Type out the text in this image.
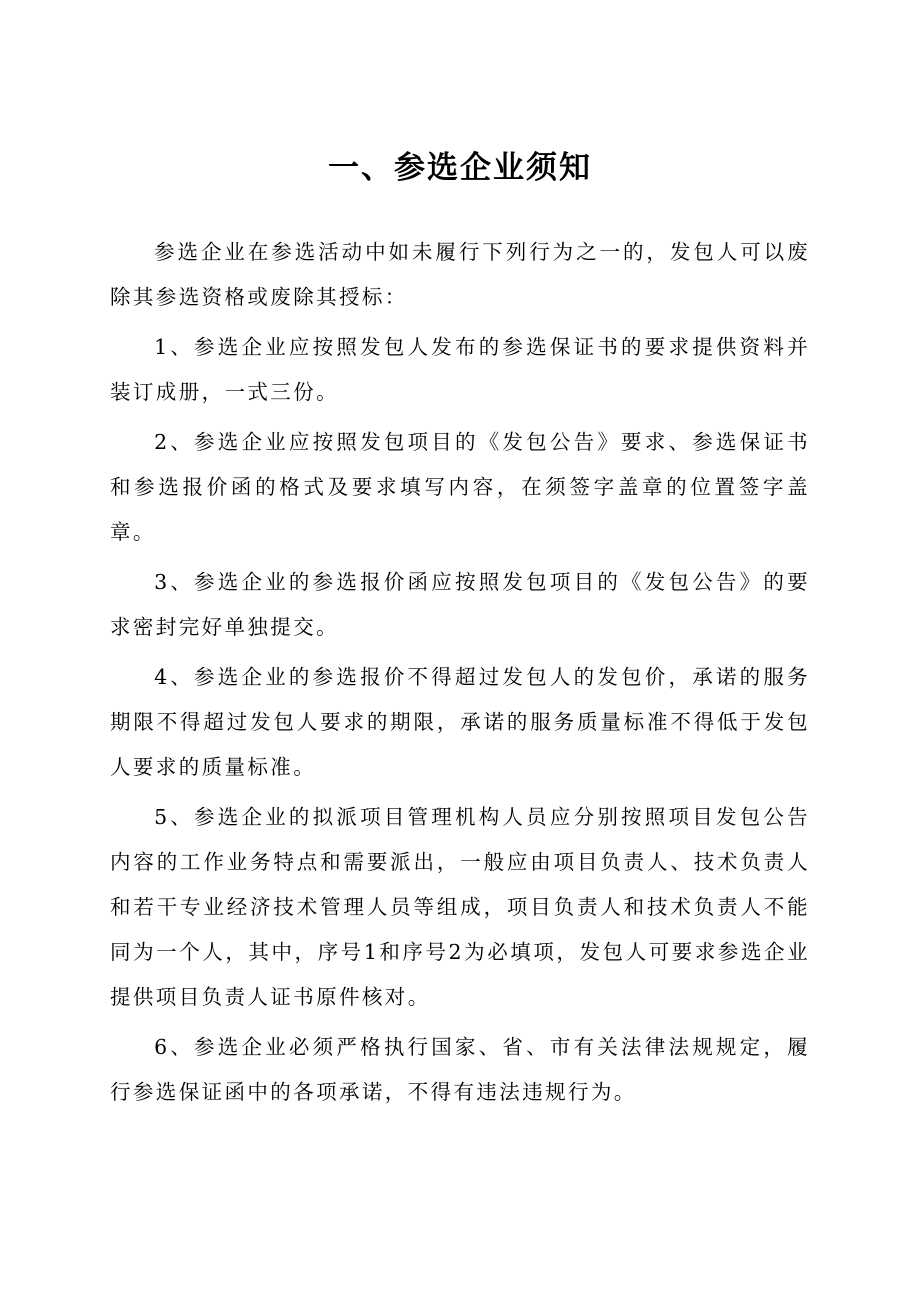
一、参选企业须知

参选企业在参选活动中如未履行下列行为之一的，发包人可以废除其参选资格或废除其授标：

1、参选企业应按照发包人发布的参选保证书的要求提供资料并装订成册，一式三份。

2、参选企业应按照发包项目的《发包公告》要求、参选保证书和参选报价函的格式及要求填写内容，在须签字盖章的位置签字盖章。

3、参选企业的参选报价函应按照发包项目的《发包公告》的要求密封完好单独提交。

4、参选企业的参选报价不得超过发包人的发包价，承诺的服务期限不得超过发包人要求的期限，承诺的服务质量标准不得低于发包人要求的质量标准。

5、参选企业的拟派项目管理机构人员应分别按照项目发包公告内容的工作业务特点和需要派出，一般应由项目负责人、技术负责人和若干专业经济技术管理人员等组成，项目负责人和技术负责人不能同为一个人，其中，序号1和序号2为必填项，发包人可要求参选企业提供项目负责人证书原件核对。

6、参选企业必须严格执行国家、省、市有关法律法规规定，履行参选保证函中的各项承诺，不得有违法违规行为。
